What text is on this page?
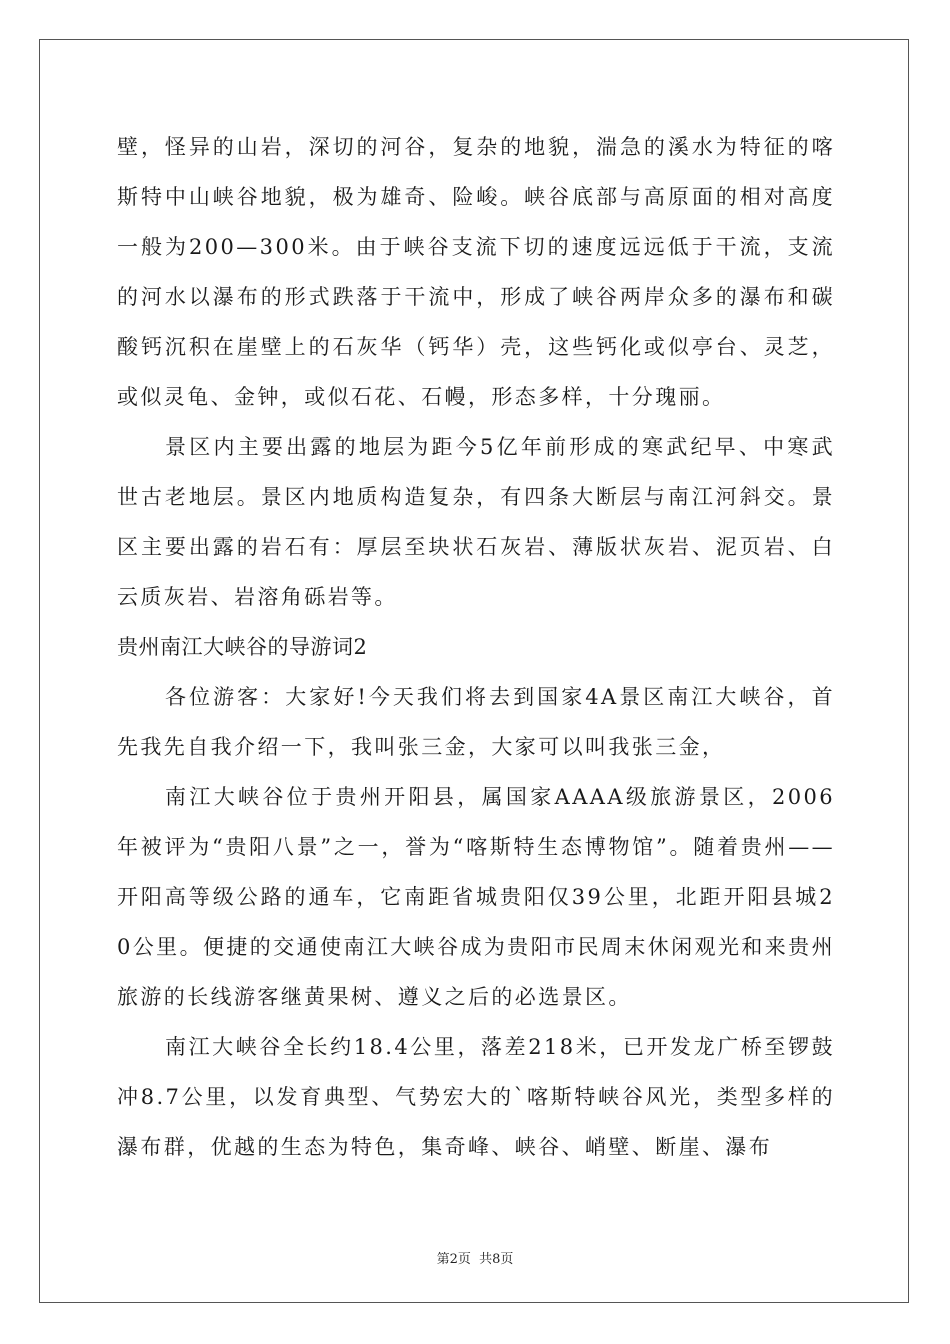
壁，怪异的山岩，深切的河谷，复杂的地貌，湍急的溪水为特征的喀斯特中山峡谷地貌，极为雄奇、险峻。峡谷底部与高原面的相对高度一般为200—300米。由于峡谷支流下切的速度远远低于干流，支流的河水以瀑布的形式跌落于干流中，形成了峡谷两岸众多的瀑布和碳酸钙沉积在崖壁上的石灰华（钙华）壳，这些钙化或似亭台、灵芝，或似灵龟、金钟，或似石花、石幔，形态多样，十分瑰丽。

景区内主要出露的地层为距今5亿年前形成的寒武纪早、中寒武世古老地层。景区内地质构造复杂，有四条大断层与南江河斜交。景区主要出露的岩石有：厚层至块状石灰岩、薄版状灰岩、泥页岩、白云质灰岩、岩溶角砾岩等。

贵州南江大峡谷的导游词2

各位游客：大家好!今天我们将去到国家4A景区南江大峡谷，首先我先自我介绍一下，我叫张三金，大家可以叫我张三金，

南江大峡谷位于贵州开阳县，属国家AAAA级旅游景区，2006年被评为“贵阳八景”之一，誉为“喀斯特生态博物馆”。随着贵州——开阳高等级公路的通车，它南距省城贵阳仅39公里，北距开阳县城20公里。便捷的交通使南江大峡谷成为贵阳市民周末休闲观光和来贵州旅游的长线游客继黄果树、遵义之后的必选景区。

南江大峡谷全长约18.4公里，落差218米，已开发龙广桥至锣鼓冲8.7公里，以发育典型、气势宏大的`喀斯特峡谷风光，类型多样的瀑布群，优越的生态为特色，集奇峰、峡谷、峭壁、断崖、瀑布

第2页 共8页
